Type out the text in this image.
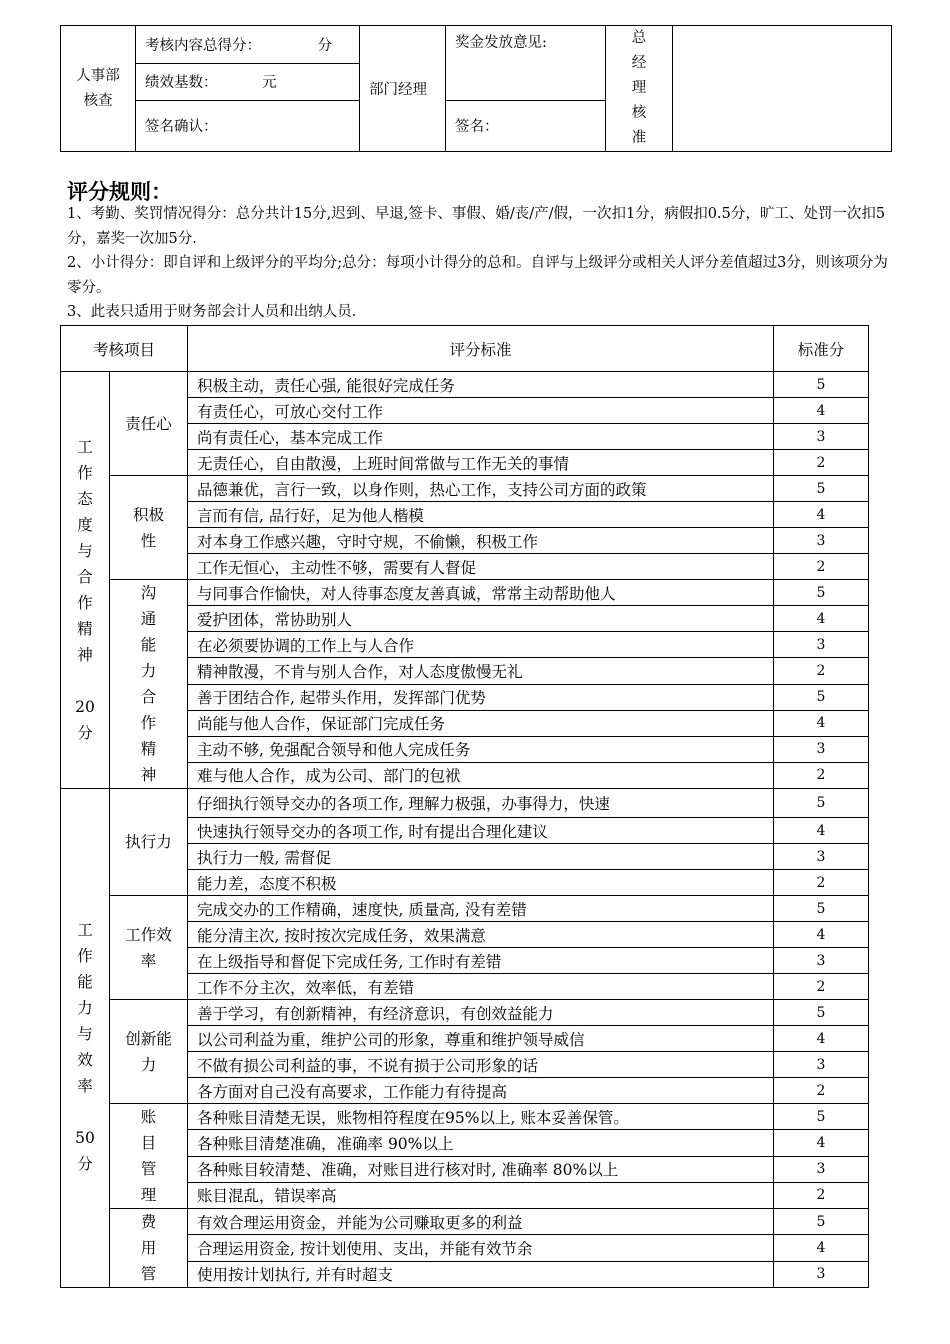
人事部核查	考核内容总得分： 分	部门经理	奖金发放意见:	总经理核准	
	绩效基数： 元				
	签名确认：		签名：		
评分规则：
1、考勤、奖罚情况得分：总分共计15分,迟到、早退,签卡、事假、婚/丧/产/假，一次扣1分，病假扣0.5分，旷工、处罚一次扣5分，嘉奖一次加5分.
2、小计得分：即自评和上级评分的平均分;总分：每项小计得分的总和。自评与上级评分或相关人评分差值超过3分，则该项分为零分。
3、此表只适用于财务部会计人员和出纳人员.
考核项目		评分标准	标准分
工作态度与合作精神
20分	责任心	积极主动，责任心强, 能很好完成任务	5
		有责任心，可放心交付工作	4
		尚有责任心，基本完成工作	3
		无责任心，自由散漫，上班时间常做与工作无关的事情	2
	积极性	品德兼优，言行一致，以身作则，热心工作，支持公司方面的政策	5
		言而有信, 品行好，足为他人楷模	4
		对本身工作感兴趣，守时守规，不偷懒，积极工作	3
		工作无恒心，主动性不够，需要有人督促	2
	沟通能力合作精神	与同事合作愉快，对人待事态度友善真诚，常常主动帮助他人	5
		爱护团体，常协助别人	4
		在必须要协调的工作上与人合作	3
		精神散漫，不肯与别人合作，对人态度傲慢无礼	2
		善于团结合作, 起带头作用，发挥部门优势	5
		尚能与他人合作，保证部门完成任务	4
		主动不够, 免强配合领导和他人完成任务	3
		难与他人合作，成为公司、部门的包袱	2
工作能力与效率
50分	执行力	仔细执行领导交办的各项工作, 理解力极强，办事得力，快速	5
		快速执行领导交办的各项工作, 时有提出合理化建议	4
		执行力一般, 需督促	3
		能力差，态度不积极	2
	工作效率	完成交办的工作精确，速度快, 质量高, 没有差错	5
		能分清主次, 按时按次完成任务，效果满意	4
		在上级指导和督促下完成任务, 工作时有差错	3
		工作不分主次，效率低，有差错	2
	创新能力	善于学习，有创新精神，有经济意识，有创效益能力	5
		以公司利益为重，维护公司的形象，尊重和维护领导威信	4
		不做有损公司利益的事，不说有损于公司形象的话	3
		各方面对自己没有高要求，工作能力有待提高	2
	账目管理	各种账目清楚无误，账物相符程度在95%以上, 账本妥善保管。	5
		各种账目清楚准确，准确率 90%以上	4
		各种账目较清楚、准确，对账目进行核对时, 准确率 80%以上	3
		账目混乱，错误率高	2
	费用管	有效合理运用资金，并能为公司赚取更多的利益	5
		合理运用资金, 按计划使用、支出，并能有效节余	4
		使用按计划执行, 并有时超支	3
